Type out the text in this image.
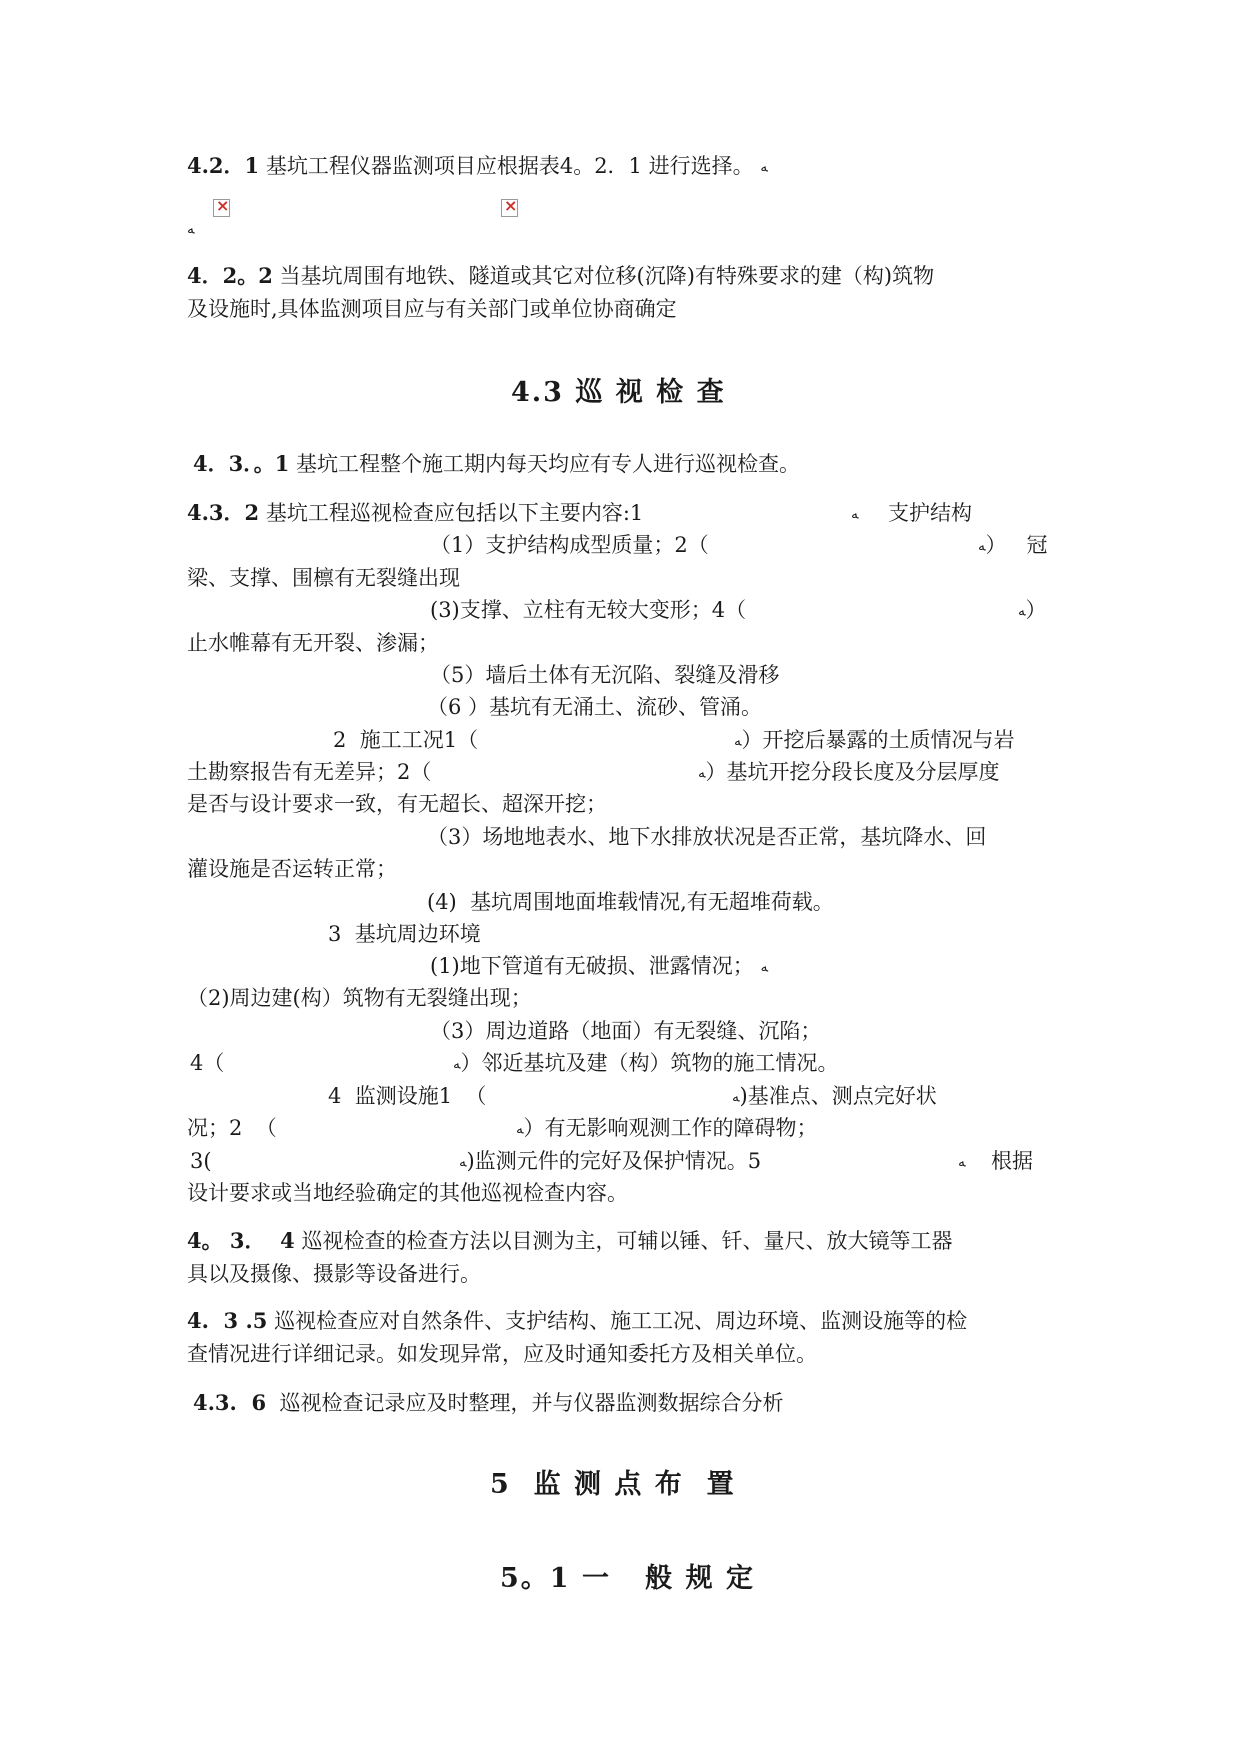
4.2．1 基坑工程仪器监测项目应根据表4。2．1 进行选择。 ﻪ
×
×
ﻪ
4．2。2 当基坑周围有地铁、隧道或其它对位移(沉降)有特殊要求的建（构)筑物
及设施时,具体监测项目应与有关部门或单位协商确定
4.3 巡 视 检 查
4．3．。1 基坑工程整个施工期内每天均应有专人进行巡视检查。
4.3．2 基坑工程巡视检查应包括以下主要内容:1	ﻪ 支护结构
（1）支护结构成型质量；2（	ﻪ）   冠
梁、支撑、围檩有无裂缝出现
(3)支撑、立柱有无较大变形；4（	ﻪ）
止水帷幕有无开裂、渗漏；
（5）墙后土体有无沉陷、裂缝及滑移
（6 ）基坑有无涌土、流砂、管涌。
2  施工工况1（	ﻪ）开挖后暴露的土质情况与岩
土勘察报告有无差异；2（	ﻪ）基坑开挖分段长度及分层厚度
是否与设计要求一致，有无超长、超深开挖；
（3）场地地表水、地下水排放状况是否正常，基坑降水、回
灌设施是否运转正常；
(4)  基坑周围地面堆载情况,有无超堆荷载。
3  基坑周边环境
(1)地下管道有无破损、泄露情况； ﻪ
（2)周边建(构）筑物有无裂缝出现；
（3）周边道路（地面）有无裂缝、沉陷；
4（	ﻪ）邻近基坑及建（构）筑物的施工情况。
4  监测设施1  （	ﻪ)基准点、测点完好状
况；2  （	ﻪ）有无影响观测工作的障碍物；
3(	ﻪ)监测元件的完好及保护情况。5	ﻪ 根据
设计要求或当地经验确定的其他巡视检查内容。
4。 3．  4 巡视检查的检查方法以目测为主，可辅以锤、钎、量尺、放大镜等工器
具以及摄像、摄影等设备进行。
4.  3 .5 巡视检查应对自然条件、支护结构、施工工况、周边环境、监测设施等的检
查情况进行详细记录。如发现异常，应及时通知委托方及相关单位。
4.3.  6  巡视检查记录应及时整理，并与仪器监测数据综合分析
5  监 测 点 布  置
5。1 一   般 规 定
